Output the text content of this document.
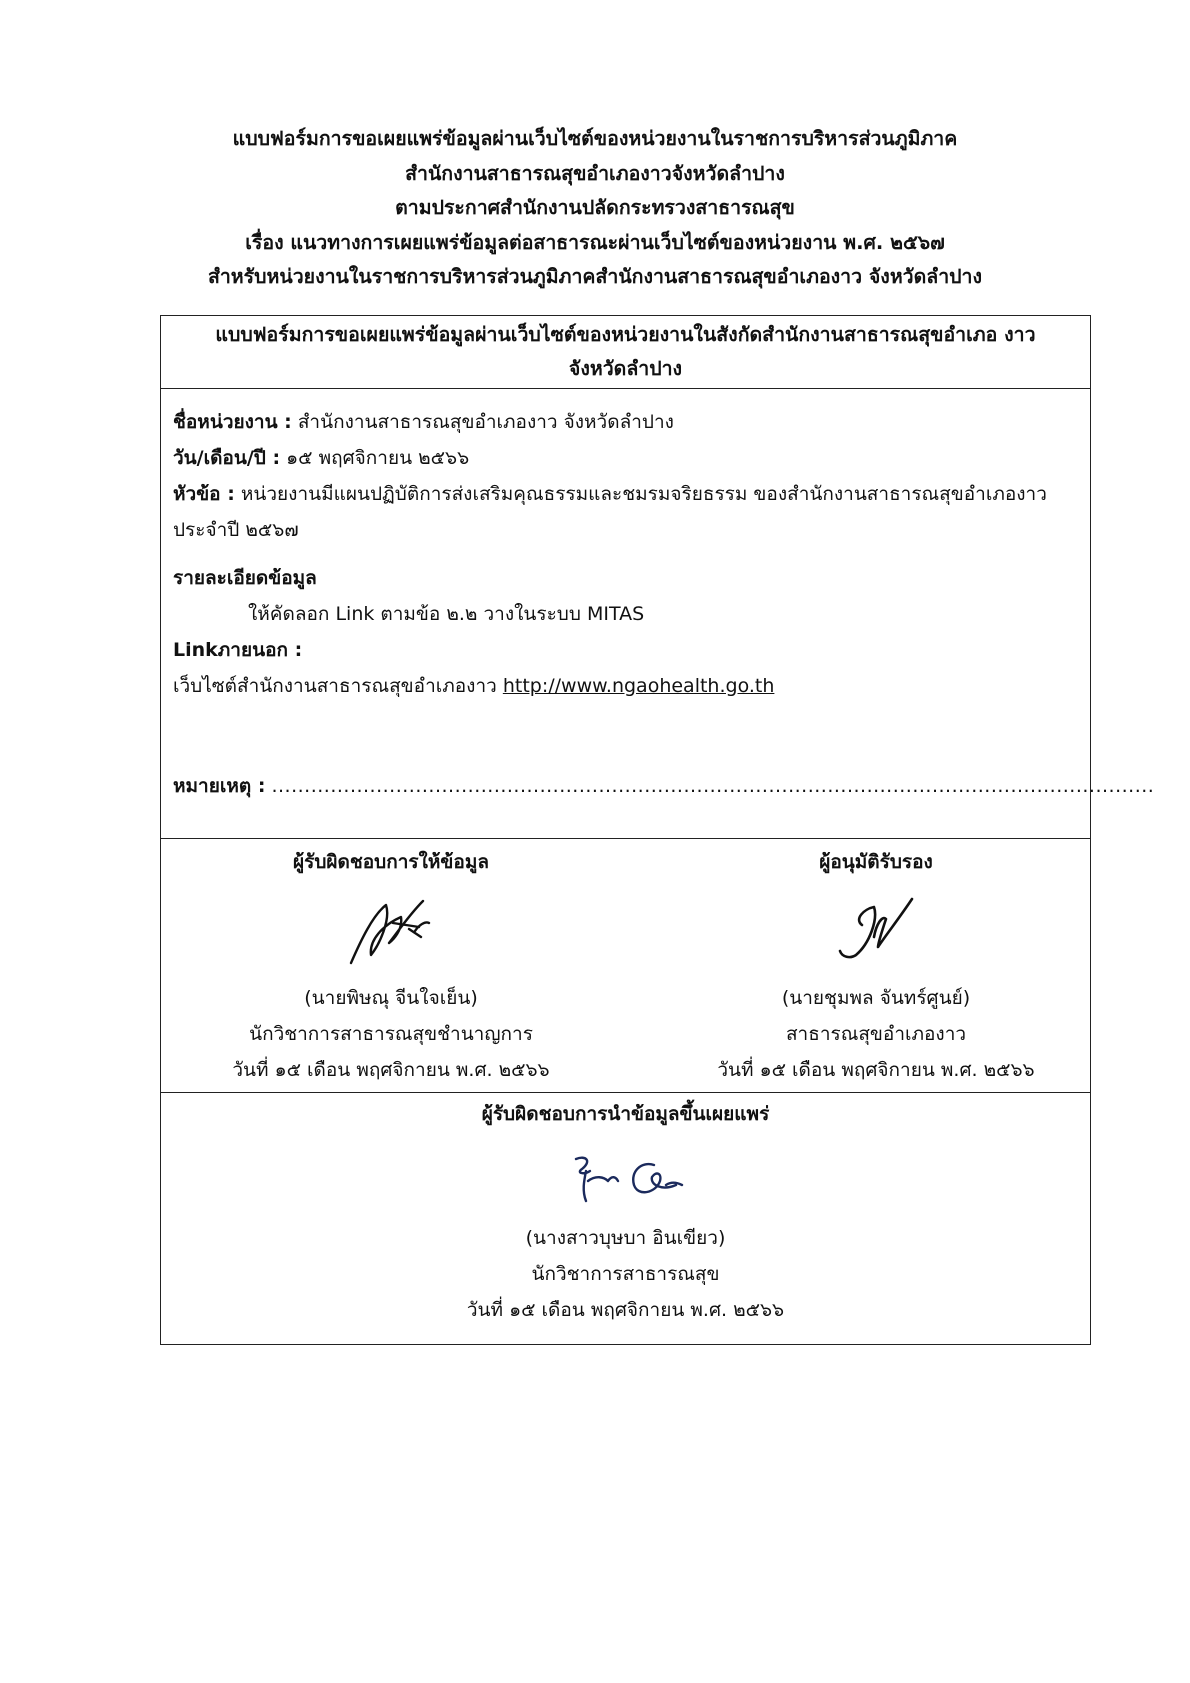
แบบฟอร์มการขอเผยแพร่ข้อมูลผ่านเว็บไซต์ของหน่วยงานในราชการบริหารส่วนภูมิภาค
สำนักงานสาธารณสุขอำเภองาวจังหวัดลำปาง
ตามประกาศสำนักงานปลัดกระทรวงสาธารณสุข
เรื่อง แนวทางการเผยแพร่ข้อมูลต่อสาธารณะผ่านเว็บไซต์ของหน่วยงาน พ.ศ. ๒๕๖๗
สำหรับหน่วยงานในราชการบริหารส่วนภูมิภาคสำนักงานสาธารณสุขอำเภองาว จังหวัดลำปาง
แบบฟอร์มการขอเผยแพร่ข้อมูลผ่านเว็บไซต์ของหน่วยงานในสังกัดสำนักงานสาธารณสุขอำเภอ งาว
จังหวัดลำปาง
ชื่อหน่วยงาน : สำนักงานสาธารณสุขอำเภองาว จังหวัดลำปาง
วัน/เดือน/ปี : ๑๕ พฤศจิกายน ๒๕๖๖
หัวข้อ : หน่วยงานมีแผนปฏิบัติการส่งเสริมคุณธรรมและชมรมจริยธรรม ของสำนักงานสาธารณสุขอำเภองาว ประจำปี ๒๕๖๗
รายละเอียดข้อมูล
ให้คัดลอก Link ตามข้อ ๒.๒ วางในระบบ MITAS
Linkภายนอก :
เว็บไซต์สำนักงานสาธารณสุขอำเภองาว http://www.ngaohealth.go.th
หมายเหตุ : .......................................................................................................................................
ผู้รับผิดชอบการให้ข้อมูล
(นายพิษณุ จีนใจเย็น)
นักวิชาการสาธารณสุขชำนาญการ
วันที่ ๑๕ เดือน พฤศจิกายน พ.ศ. ๒๕๖๖
ผู้อนุมัติรับรอง
(นายชุมพล จันทร์ศูนย์)
สาธารณสุขอำเภองาว
วันที่ ๑๕ เดือน พฤศจิกายน พ.ศ. ๒๕๖๖
ผู้รับผิดชอบการนำข้อมูลขึ้นเผยแพร่
(นางสาวบุษบา อินเขียว)
นักวิชาการสาธารณสุข
วันที่ ๑๕ เดือน พฤศจิกายน พ.ศ. ๒๕๖๖
